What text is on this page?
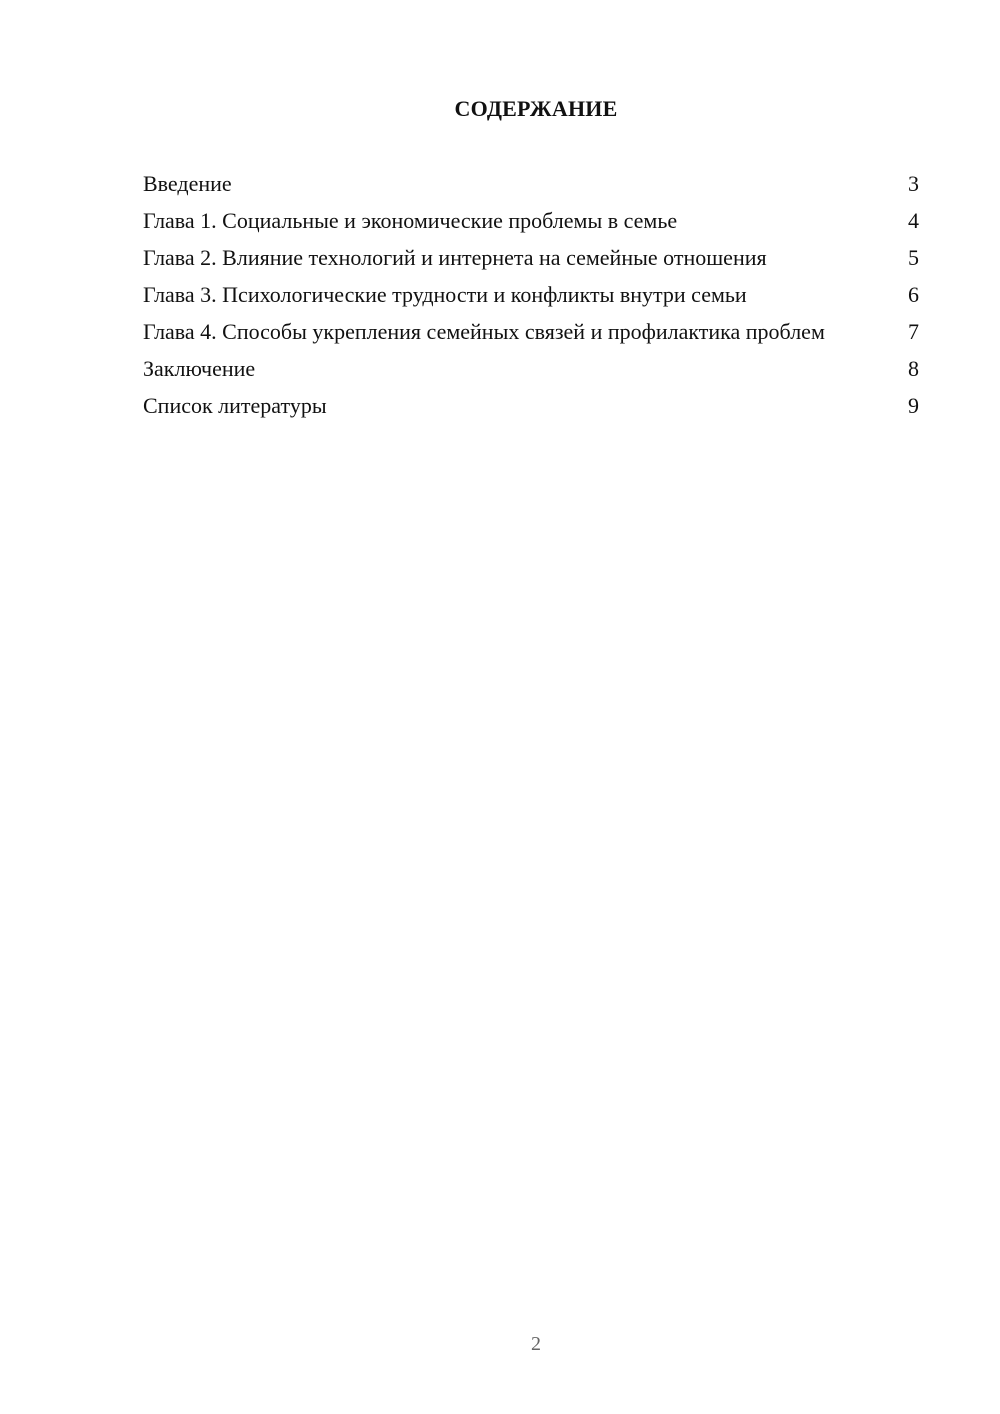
СОДЕРЖАНИЕ
Введение	3
Глава 1. Социальные и экономические проблемы в семье	4
Глава 2. Влияние технологий и интернета на семейные отношения	5
Глава 3. Психологические трудности и конфликты внутри семьи	6
Глава 4. Способы укрепления семейных связей и профилактика проблем	7
Заключение	8
Список литературы	9
2
